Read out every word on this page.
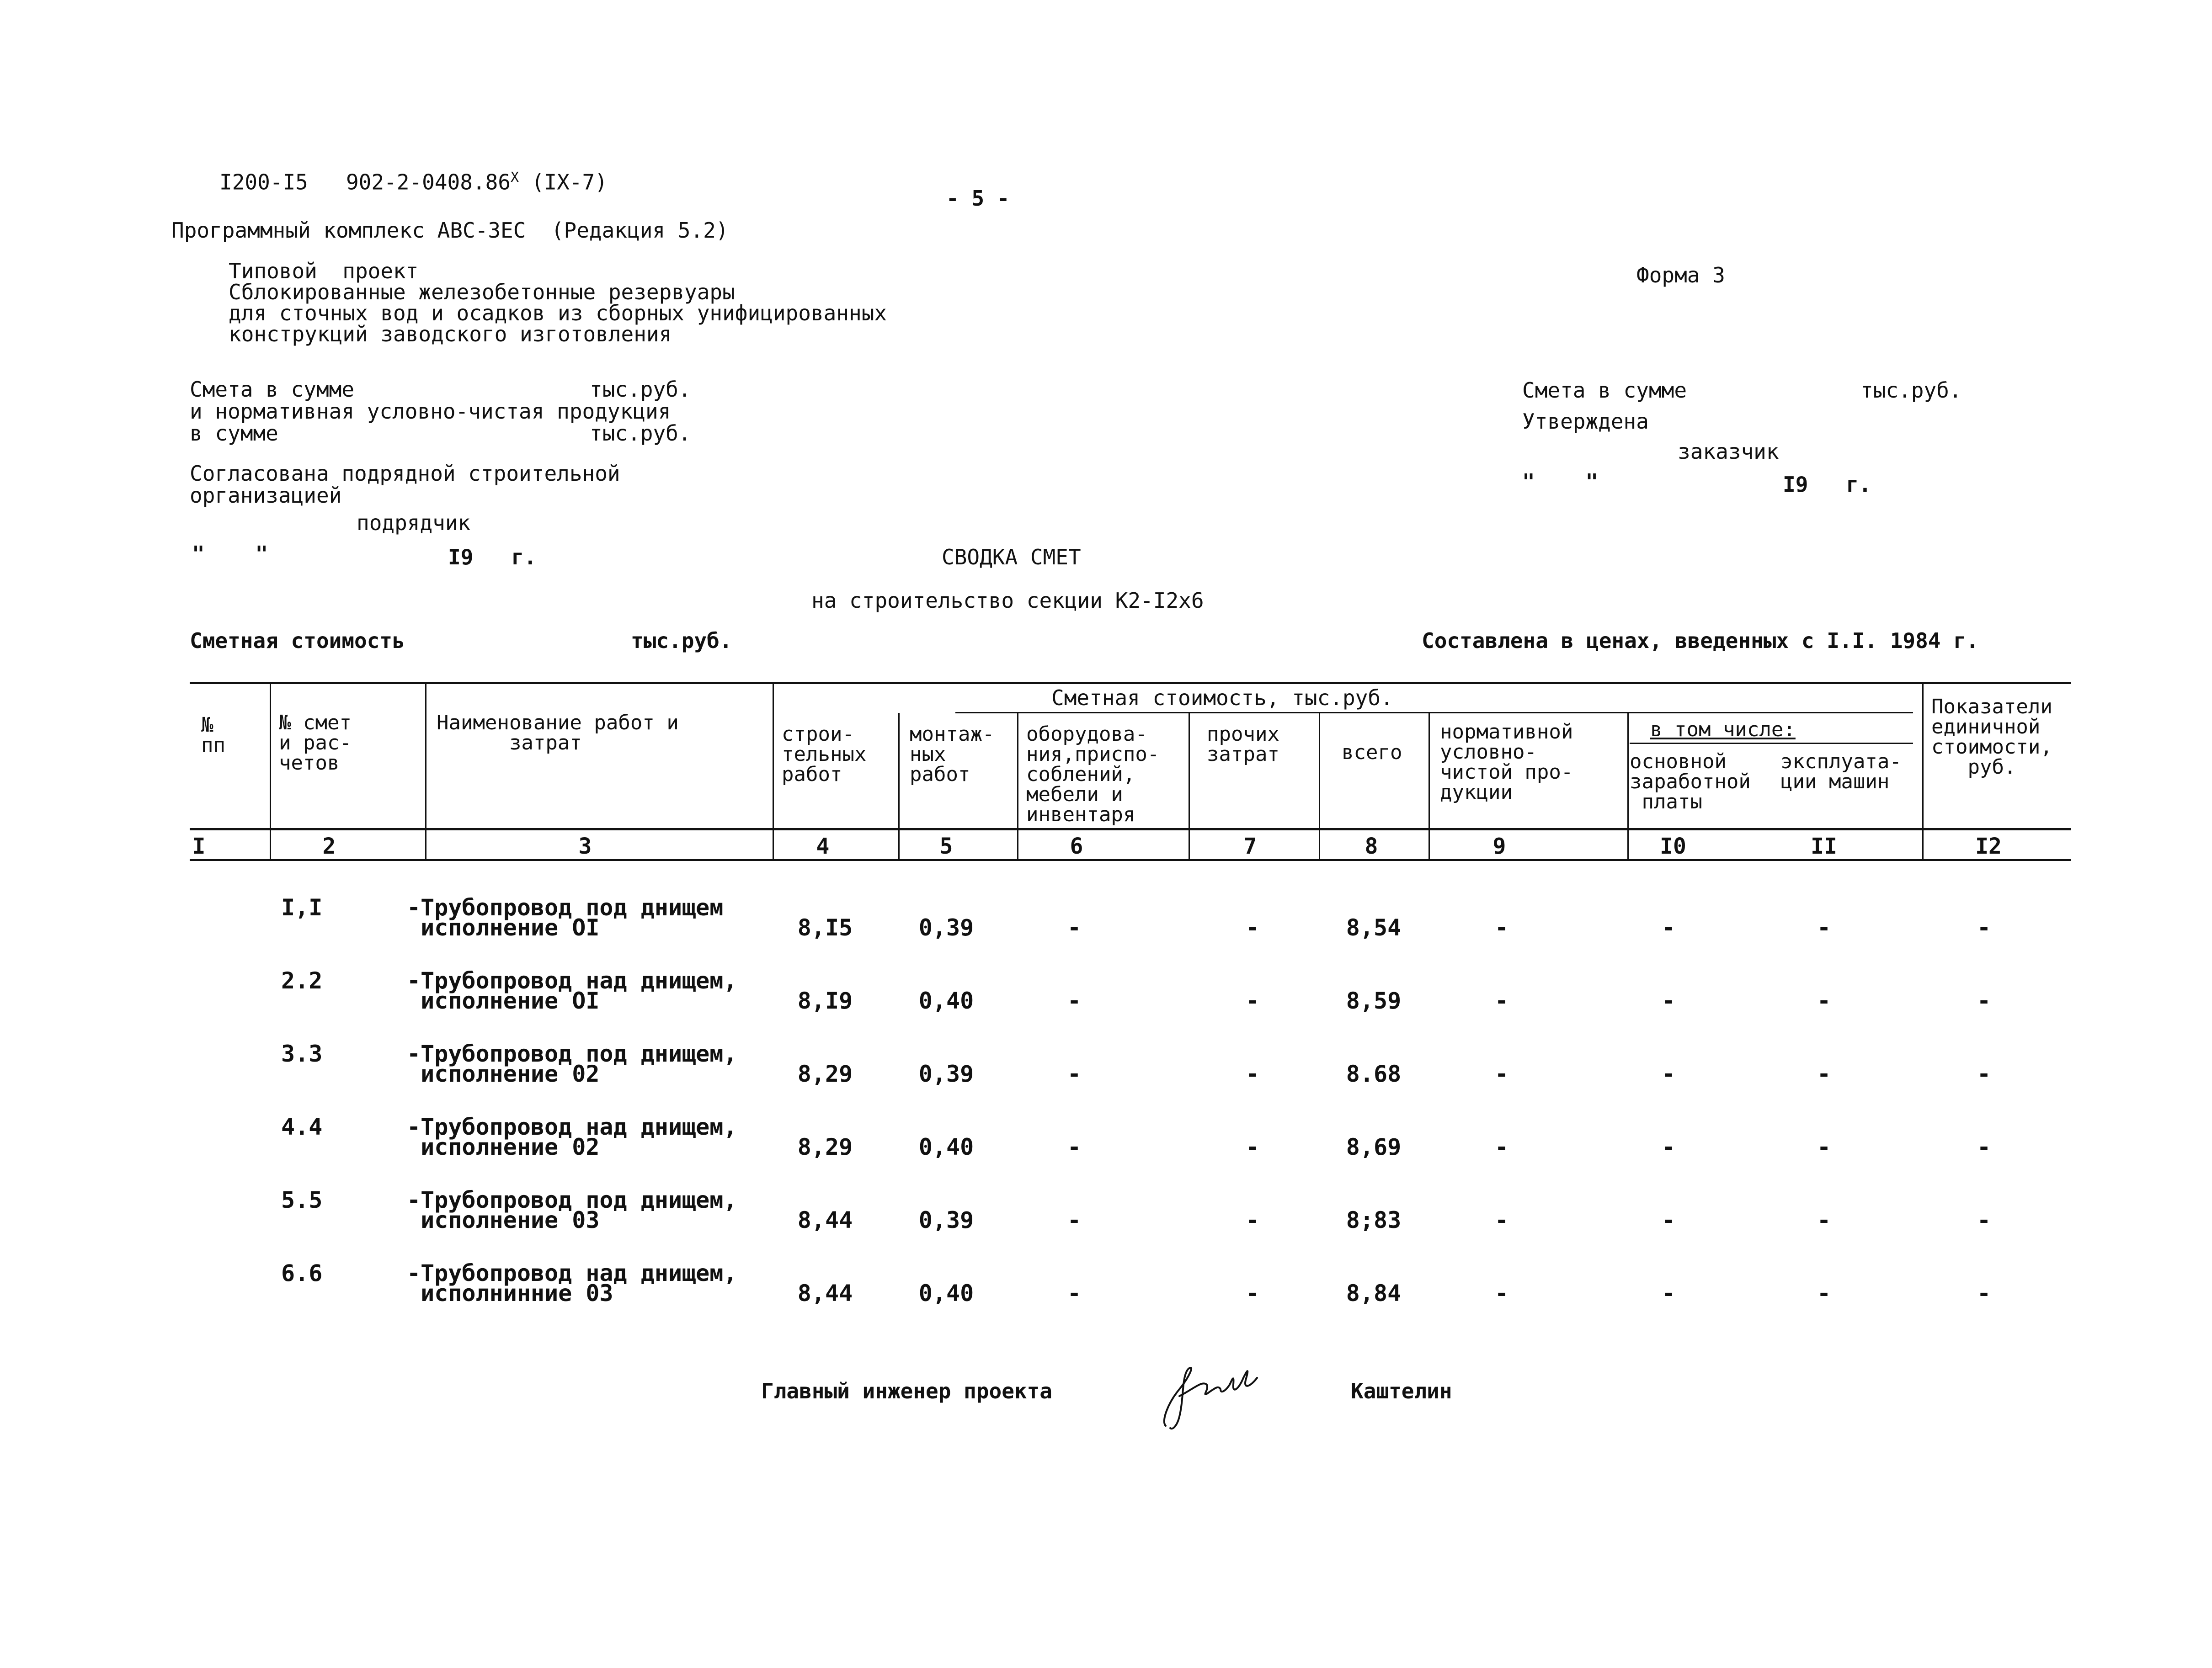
I200-I5   $902-2-0408.86^X$ (IX-7)
- 5 -
Программный комплекс АВС-3ЕС  (Редакция 5.2)
Типовой  проект
Сблокированные железобетонные резервуары
для сточных вод и осадков из сборных унифицированных
конструкций заводского изготовления
Форма 3
Смета в сумме	тыс.руб.
и нормативная условно-чистая продукция
в сумме	тыс.руб.
Согласована подрядной строительной
организацией
подрядчик
"    "	I9   г.
Смета в сумме	тыс.руб.
Утверждена
заказчик
"    "	I9   г.
СВОДКА СМЕТ
на строительство секции К2-I2х6
Сметная стоимость	тыс.руб.	Составлена в ценах, введенных с I.I. 1984 г.
Сметная стоимость, тыс.руб.
в том числе:
№
пп
№ смет
и рас-
четов
Наименование работ и
затрат	строи-
тельных
работ
монтаж-
ных
работ
оборудова-
ния,приспо-
соблений,
мебели и
инвентаря
прочих
затрат	всего
нормативной
условно-
чистой про-
дукции
основной
заработной
платы
эксплуата-
ции машин
Показатели
единичной
стоимости,
руб.
I	2	3	4	5	6	7	8	9	I0	II	I2
I,I	-Трубопровод под днищем
исполнение OI	8,I5	0,39	-	-	8,54	-	-	-	-
2.2	-Трубопровод над днищем,
исполнение OI	8,I9	0,40	-	-	8,59	-	-	-	-
3.3	-Трубопровод под днищем,
исполнение 02	8,29	0,39	-	-	8.68	-	-	-	-
4.4	-Трубопровод над днищем,
исполнение 02	8,29	0,40	-	-	8,69	-	-	-	-
5.5	-Трубопровод под днищем,
исполнение 03	8,44	0,39	-	-	8;83	-	-	-	-
6.6	-Трубопровод над днищем,
исполнинние 03	8,44	0,40	-	-	8,84	-	-	-	-
Главный инженер проекта	Каштелин
